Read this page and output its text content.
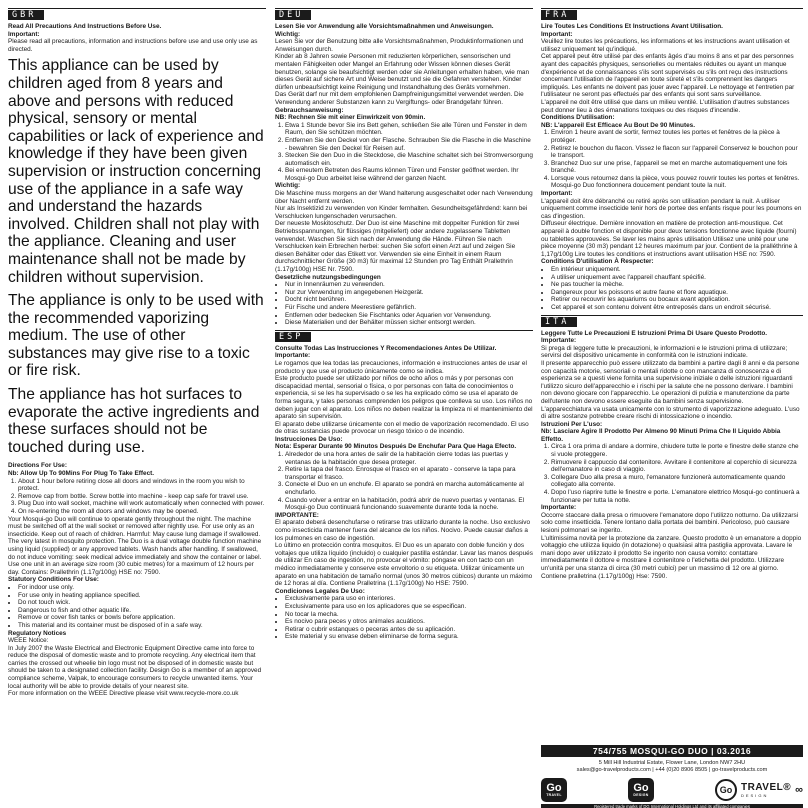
GBR

Read All Precautions And Instructions Before Use.

Important:

Please read all precautions, information and instructions before use and use only use as directed.

This appliance can be used by children aged from 8 years and above and persons with reduced physical, sensory or mental capabilities or lack of experience and knowledge if they have been given supervision or instruction concerning use of the appliance in a safe way and understand the hazards involved. Children shall not play with the appliance. Cleaning and user maintenance shall not be made by children without supervision.

The appliance is only to be used with the recommended vaporizing medium. The use of other substances may give rise to a toxic or fire risk.

The appliance has hot surfaces to evaporate the active ingredients and these surfaces should not be touched during use.

Directions For Use:

Nb: Allow Up To 90Mins For Plug To Take Effect.

1. About 1 hour before retiring close all doors and windows in the room you wish to protect.
2. Remove cap from bottle. Screw bottle into machine - keep cap safe for travel use.
3. Plug Duo into wall socket, machine will work automatically when connected with power.
4. On re-entering the room all doors and windows may be opened.

Your Mosqui-go Duo will continue to operate gently throughout the night. The machine must be switched off at the wall socket or removed after nightly use. For use only as an insecticide. Keep out of reach of children. Harmful: May cause lung damage if swallowed.

The very latest in mosquito protection. The Duo is a dual voltage double function machine using liquid (supplied) or any approved tablets. Wash hands after handling. If swallowed, do not induce vomiting: seek medical advice immediately and show the container or label. Use one unit in an average size room (30 cubic metres) for a maximum of 12 hours per day. Contains: Prallethrin (1.17g/100g) HSE no: 7590.

Statutory Conditions For Use:

• For indoor use only.
• For use only in heating appliance specified.
• Do not touch wick.
• Dangerous to fish and other aquatic life.
• Remove or cover fish tanks or bowls before application.
• This material and its container must be disposed of in a safe way.

Regulatory Notices

WEEE Notice:

In July 2007 the Waste Electrical and Electronic Equipment Directive came into force to reduce the disposal of domestic waste and to promote recycling. Any electrical item that carries the crossed out wheelie bin logo must not be disposed of in domestic waste but should be taken to a designated collection facility. Design Go is a member of an approved compliance scheme, Valpak, to encourage consumers to recycle unwanted items. Your local authority will be able to provide details of your nearest site.

For more information on the WEEE Directive please visit www.recycle-more.co.uk

DEU

Lesen Sie vor Anwendung alle Vorsichtsmaßnahmen und Anweisungen.

Wichtig:

Lesen Sie vor der Benutzung bitte alle Vorsichtsmaßnahmen, Produktinformationen und Anweisungen durch.

Kinder ab 8 Jahren sowie Personen mit reduzierten körperlichen, sensorischen und mentalen Fähigkeiten oder Mangel an Erfahrung oder Wissen können dieses Gerät benutzen, solange sie beaufsichtigt werden oder sie Anleitungen erhalten haben, wie man dieses Gerät auf sichere Art und Weise benutzt und sie die Gefahren verstehen. Kinder dürfen unbeaufsichtigt keine Reinigung und Instandhaltung des Geräts vornehmen.

Das Gerät darf nur mit dem empfohlenen Dampfreinigungsmittel verwendet werden. Die Verwendung anderer Substanzen kann zu Vergiftungs- oder Brandgefahr führen.

Gebrauchsanweisung:

NB: Rechnen Sie mit einer Einwirkzeit von 90min.

1. Etwa 1 Stunde bevor Sie ins Bett gehen, schließen Sie alle Türen und Fenster in dem Raum, den Sie schützen möchten.
2. Entfernen Sie den Deckel von der Flasche. Schrauben Sie die Flasche in die Maschine - bewahren Sie den Deckel für Reisen auf.
3. Stecken Sie den Duo in die Steckdose, die Maschine schaltet sich bei Stromversorgung automatisch ein.
4. Bei erneutem Betreten des Raums können Türen und Fenster geöffnet werden. Ihr Mosqui-go Duo arbeitet leise während der ganzen Nacht.

Wichtig:

Die Maschine muss morgens an der Wand halterung ausgeschaltet oder nach Verwendung über Nacht entfernt werden.

Nur als Insektizid zu verwenden von Kinder fernhalten. Gesundheitsgefährdend: kann bei Verschlucken lungenschaden verursachen.

Der neueste Moskitoschutz. Der Duo ist eine Maschine mit doppelter Funktion für zwei Betriebsspannungen, für flüssiges (mitgeliefert) oder andere zugelassene Tabletten verwendet. Waschen Sie sich nach der Anwendung die Hände. Führen Sie nach Verschlucken kein Erbrechen herbei: suchen Sie sofort einen Arzt auf und zeigen Sie diesen Behälter oder das Etikett vor. Verwenden sie eine Einheit in einem Raum durchschnittlicher Größe (30 m3) für maximal 12 Stunden pro Tag Enthält Prallethrin (1.17g/100g) HSE Nr. 7590.

Gesetzliche nutzungsbedingungen

• Nur in Innenräumen zu verwenden.
• Nur zur Verwendung im angegebenen Heizgerät.
• Docht nicht berühren.
• Für Fische und andere Meerestiere gefährlich.
• Entfernen oder bedecken Sie Fischtanks oder Aquarien vor Verwendung.
• Diese Materialien und der Behälter müssen sicher entsorgt werden.
ESP

Consulte Todas Las Instrucciones Y Recomendaciones Antes De Utilizar.

Importante:

Le rogamos que lea todas las precauciones, información e instrucciones antes de usar el producto y que use el producto únicamente como se indica.

Este producto puede ser utilizado por niños de ocho años o más y por personas con discapacidad mental, sensorial o física, o por personas con falta de conocimientos o experiencia, si se les ha supervisado o se les ha explicado cómo se usa el aparato de forma segura, y tales personas comprenden los peligros que conlleva su uso. Los niños no deben jugar con el aparato. Los niños no deben realizar la limpieza ni el mantenimiento del aparato sin supervisión.

El aparato debe utilizarse únicamente con el medio de vaporización recomendado. El uso de otras sustancias puede provocar un riesgo tóxico o de incendio.

Instrucciones De Uso:

Nota: Esperar Durante 90 Minutos Después De Enchufar Para Que Haga Efecto.

1. Alrededor de una hora antes de salir de la habitación cierre todas las puertas y ventanas de la habitación que desea proteger.
2. Retire la tapa del frasco. Enrosque el frasco en el aparato - conserve la tapa para transportar el frasco.
3. Conecte el Duo en un enchufe. El aparato se pondrá en marcha automáticamente al enchufarlo.
4. Cuando volver a entrar en la habitación, podrá abrir de nuevo puertas y ventanas. El Mosqui-go Duo continuará funcionando suavemente durante toda la noche.

IMPORTANTE:

El aparato deberá desenchufarse o retirarse tras utilizarlo durante la noche. Uso exclusivo como insecticida mantener fuera del alcance de los niños. Nocivo. Puede causar daños a los pulmones en caso de ingestión.

Lo último en protección contra mosquitos. El Duo es un aparato con doble función y dos voltajes que utiliza líquido (incluido) o cualquier pastilla estándar. Lavar las manos después de utilizar En caso de ingestión, no provocar el vómito: póngase en con tacto con un médico inmediatamente y conserve este envoltorio o su etiqueta. Utilizar únicamente un aparato en una habitación de tamaño normal (unos 30 metros cúbicos) durante un máximo de 12 horas al día. Contiene Pralletrina (1.17g/100g) No HSE: 7590.

Condiciones Legales De Uso:

• Exclusivamente para uso en interiores.
• Exclusivamente para uso en los aplicadores que se especifican.
• No tocar la mecha.
• Es nocivo para peces y otros animales acuáticos.
• Retirar o cubrir estanques o peceras antes de su aplicación.
• Este material y su envase deben eliminarse de forma segura.
FRA

Lire Toutes Les Conditions Et Instructions Avant Utilisation.

Important:

Veuillez lire toutes les précautions, les informations et les instructions avant utilisation et utilisez uniquement tel qu'indiqué.

Cet appareil peut être utilisé par des enfants âgés d'au moins 8 ans et par des personnes ayant des capacités physiques, sensorielles ou mentales réduites ou ayant un manque d'expérience et de connaissances s'ils sont supervisés ou s'ils ont reçu des instructions concernant l'utilisation de l'appareil en toute sûreté et s'ils comprennent les dangers impliqués. Les enfants ne doivent pas jouer avec l'appareil. Le nettoyage et l'entretien par l'utilisateur ne seront pas effectués par des enfants qui sont sans surveillance.

L'appareil ne doit être utilisé que dans un milieu ventilé. L'utilisation d'autres substances peut donner lieu à des émanations toxiques ou des risques d'incendie.

Conditions D'utilisation:

NB: L'appareil Est Efficace Au Bout De 90 Minutes.

1. Environ 1 heure avant de sortir, fermez toutes les portes et fenêtres de la pièce à protéger.
2. Retirez le bouchon du flacon. Vissez le flacon sur l'appareil Conservez le bouchon pour le transport.
3. Branchez Duo sur une prise, l'appareil se met en marche automatiquement une fois branché.
4. Lorsque vous retournez dans la pièce, vous pouvez rouvrir toutes les portes et fenêtres. Mosqui-go Duo fonctionnera doucement pendant toute la nuit.

Important:

L'appareil doit être débranché ou retiré après son utilisation pendant la nuit. A utiliser uniquement comme insecticide tenir hors de portee des enfants risque pour les poumons en cas d'ingestion.

Diffuseur électrique. Dernière innovation en matière de protection anti-moustique. Cet appareil à double fonction et disponible pour deux tensions fonctionne avec liquide (fourni) ou tablettes approuvées. Se laver les mains après utilisation Utilisez une unité pour une pièce moyenne (30 m3) pendant 12 heures maximum par jour. Contient de la pralléthrine à 1,17g/100g Lire toutes les conditions et instructions avant utilisation HSE no: 7590.

Conditions D'utilisation À Respecter:

• En intérieur uniquement.
• A utiliser uniquement avec l'appareil chauffant spécifié.
• Ne pas toucher la mèche.
• Dangereux pour les poissons et autre faune et flore aquatique.
• Retirer ou recouvrir les aquariums ou bocaux avant application.
• Cet appareil et son contenu doivent être entreposés dans un endroit sécurisé.
ITA

Leggere Tutte Le Precauzioni E Istruzioni Prima Di Usare Questo Prodotto.

Importante:

Si prega di leggere tutte le precauzioni, le informazioni e le istruzioni prima di utilizzare; servirsi del dispositivo unicamente in conformità con le istruzioni indicate.

Il presente apparecchio può essere utilizzato da bambini a partire dagli 8 anni e da persone con capacità motorie, sensoriali o mentali ridotte o con mancanza di conoscenza e di esperienza se a questi viene fornita una supervisione iniziale o delle istruzioni riguardanti l'utilizzo sicuro dell'apparecchio e i rischi per la salute che ne possono derivare. I bambini non devono giocare con l'apparecchio. Le operazioni di pulizia e manutenzione da parte dell'utente non devono essere eseguite da bambini senza supervisione.

L'apparecchiatura va usata unicamente con lo strumento di vaporizzazione adeguato. L'uso di altre sostanze potrebbe creare rischi di intossicazione o incendio.

Istruzioni Per L'uso:

Nb: Lasciare Agire Il Prodotto Per Almeno 90 Minuti Prima Che Il Liquido Abbia Effetto.

1. Circa 1 ora prima di andare a dormire, chiudere tutte le porte e finestre delle stanze che si vuole proteggere.
2. Rimuovere il cappuccio dal contenitore. Avvitare il contenitore al coperchio di sicurezza dell'emanatore in caso di viaggio.
3. Collegare Duo alla presa a muro, l'emanatore funzionerà automaticamente quando collegato alla corrente.
4. Dopo l'uso riaprire tutte le finestre e porte. L'emanatore elettrico Mosqui-go continuerà a funzionare per tutta la notte.

Importante:

Occorre staccare dalla presa o rimuovere l'emanatore dopo l'utilizzo notturno. Da utilizzarsi solo come insetticida. Tenere lontano dalla portata dei bambini. Pericoloso, può causare lesioni polmonari se ingerito.

L'ultimissima novità per la protezione da zanzare. Questo prodotto è un emanatore a doppio voltaggio che utilizza liquido (in dotazione) o qualsiasi altra pastiglia approvata. Lavare le mani dopo aver utilizzato il prodotto Se ingerito non causa vomito: contattare immediatamente il dottore e mostrare il contenitore o l'etichetta del prodotto. Utilizzare un'unità per una stanza di circa (30 metri cubici) per un massimo di 12 ore al giorno. Contiene pralletrina (1.17g/100g) Hse: 7590.

754/755 MOSQUI-GO DUO | 03.2016
5 Mill Hill Industrial Estate, Flower Lane, London NW7 2HU
sales@go-travelproducts.com | +44 (0)20 8906 8505 | go-travelproducts.com
Go
TRAVEL
Go
DESIGN	Go TRAVEL®
DESIGN	∞
Registered trade marks of DG International Holdings Ltd and its affiliated companies
